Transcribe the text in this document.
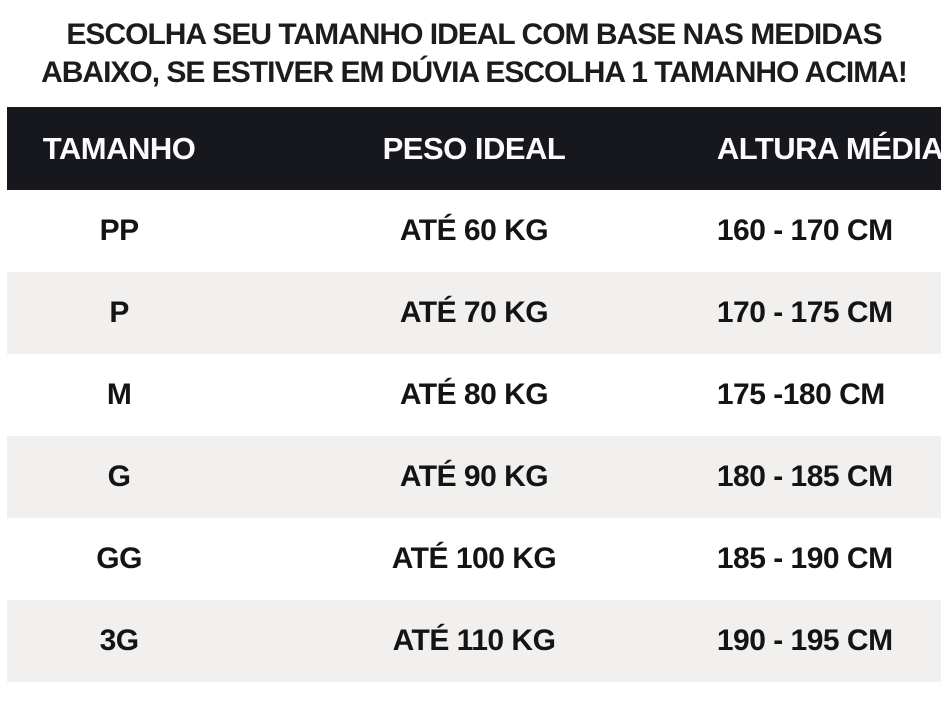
ESCOLHA SEU TAMANHO IDEAL COM BASE NAS MEDIDAS
ABAIXO, SE ESTIVER EM DÚVIA ESCOLHA 1 TAMANHO ACIMA!
TAMANHO	PESO IDEAL	ALTURA MÉDIA
PP	ATÉ 60 KG	160 - 170 CM
P	ATÉ 70 KG	170 - 175 CM
M	ATÉ 80 KG	175 -180 CM
G	ATÉ 90 KG	180 - 185 CM
GG	ATÉ 100 KG	185 - 190 CM
3G	ATÉ 110 KG	190 - 195 CM
